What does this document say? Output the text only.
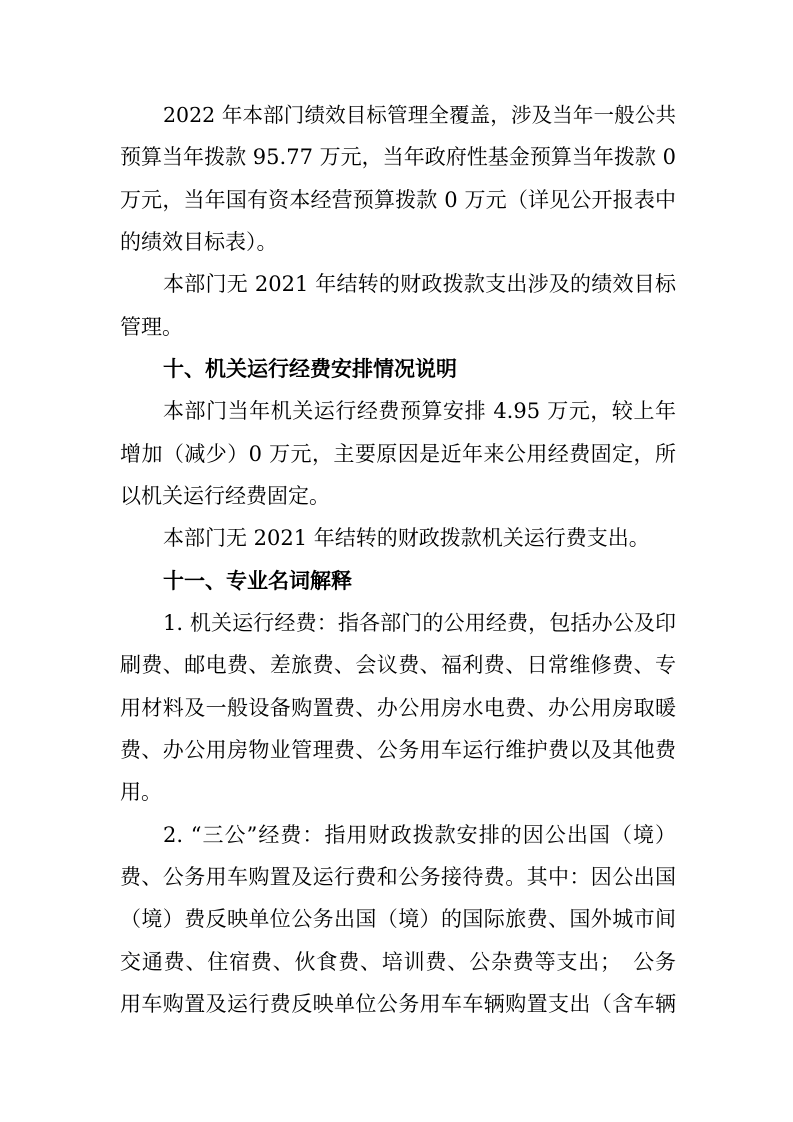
2022 年本部门绩效目标管理全覆盖，涉及当年一般公共
预算当年拨款 95.77 万元，当年政府性基金预算当年拨款 0
万元，当年国有资本经营预算拨款 0 万元（详见公开报表中
的绩效目标表）。
本部门无 2021 年结转的财政拨款支出涉及的绩效目标
管理。
十、机关运行经费安排情况说明
本部门当年机关运行经费预算安排 4.95 万元，较上年
增加（减少）0 万元，主要原因是近年来公用经费固定，所
以机关运行经费固定。
本部门无 2021 年结转的财政拨款机关运行费支出。
十一、专业名词解释
1. 机关运行经费：指各部门的公用经费，包括办公及印
刷费、邮电费、差旅费、会议费、福利费、日常维修费、专
用材料及一般设备购置费、办公用房水电费、办公用房取暖
费、办公用房物业管理费、公务用车运行维护费以及其他费
用。
2. “三公”经费：指用财政拨款安排的因公出国（境）
费、公务用车购置及运行费和公务接待费。其中：因公出国
（境）费反映单位公务出国（境）的国际旅费、国外城市间
交通费、住宿费、伙食费、培训费、公杂费等支出；　公务
用车购置及运行费反映单位公务用车车辆购置支出（含车辆
